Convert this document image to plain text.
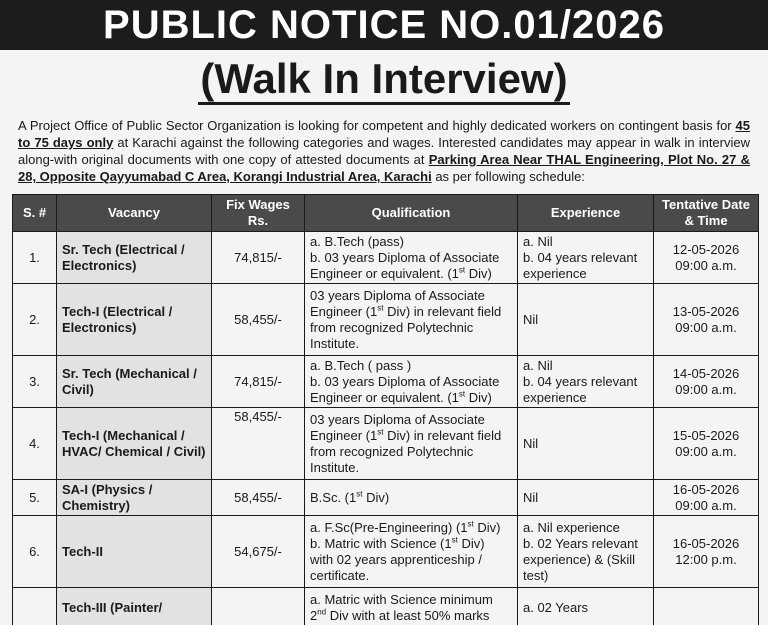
PUBLIC NOTICE NO.01/2026
(Walk In Interview)
A Project Office of Public Sector Organization is looking for competent and highly dedicated workers on contingent basis for 45 to 75 days only at Karachi against the following categories and wages. Interested candidates may appear in walk in interview along-with original documents with one copy of attested documents at Parking Area Near THAL Engineering, Plot No. 27 & 28, Opposite Qayyumabad C Area, Korangi Industrial Area, Karachi as per following schedule:
S. #	Vacancy	Fix Wages Rs.	Qualification	Experience	Tentative Date & Time
1.	Sr. Tech (Electrical / Electronics)	74,815/-	a. B.Tech (pass)
b. 03 years Diploma of Associate
Engineer or equivalent. (1st Div)	a. Nil
b. 04 years relevant
experience	12-05-2026
09:00 a.m.

2.	Tech-I (Electrical / Electronics)	58,455/-	03 years Diploma of Associate
Engineer (1st Div) in relevant field
from recognized Polytechnic
Institute.	Nil	13-05-2026
09:00 a.m.

3.	Sr. Tech (Mechanical / Civil)	74,815/-	a. B.Tech ( pass )
b. 03 years Diploma of Associate
Engineer or equivalent. (1st Div)	a. Nil
b. 04 years relevant
experience	14-05-2026
09:00 a.m.

4.	Tech-I (Mechanical / HVAC/ Chemical / Civil)	58,455/-	03 years Diploma of Associate
Engineer (1st Div) in relevant field
from recognized Polytechnic
Institute.	Nil	15-05-2026
09:00 a.m.

5.	SA-I (Physics / Chemistry)	58,455/-	B.Sc. (1st Div)	Nil	16-05-2026
09:00 a.m.

6.	Tech-II	54,675/-	a. F.Sc(Pre-Engineering) (1st Div)
b. Matric with Science (1st Div)
with 02 years apprenticeship /
certificate.	a. Nil experience
b. 02 Years relevant
experience) & (Skill
test)	16-05-2026
12:00 p.m.

	Tech-III (Painter/		a. Matric with Science minimum
2nd Div with at least 50% marks	a. 02 Years	
